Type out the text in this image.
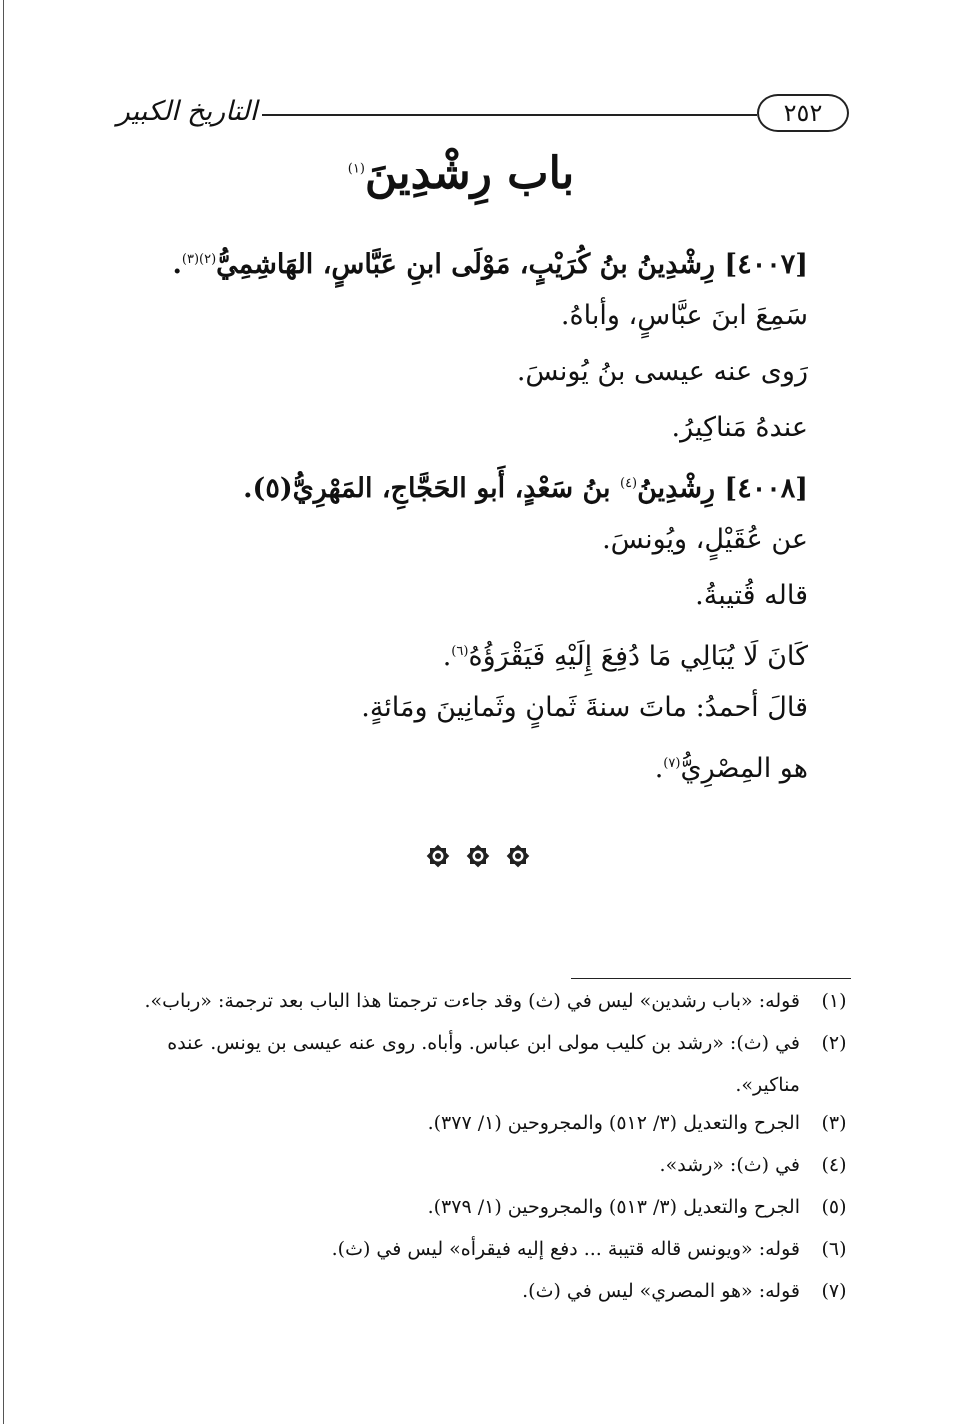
التاريخ الكبير	٢٥٢
باب رِشْدِينَ$^{(١)}$
[٤٠٠٧] رِشْدِينُ بنُ كُرَيْبٍ، مَوْلَى ابنِ عَبَّاسٍ، الهَاشِمِيُّ$^{(٢)(٣)}$.
سَمِعَ ابنَ عبَّاسٍ، وأباهُ.
رَوى عنه عيسى بنُ يُونسَ.
عندهُ مَناكِيرُ.
[٤٠٠٨] رِشْدِينُ$^{(٤)}$ بنُ سَعْدٍ، أَبو الحَجَّاجِ، المَهْرِيُّ(٥).
عن عُقَيْلٍ، ويُونسَ.
قاله قُتيبةُ.
كَانَ لَا يُبَالِي مَا دُفِعَ إِلَيْهِ فَيَقْرَؤُهُ$^{(٦)}$.
قالَ أحمدُ: ماتَ سنةَ ثَمانٍ وثَمانِينَ ومَائةٍ.
هو المِصْرِيُّ$^{(٧)}$.
(١)
قوله: «باب رشدين» ليس في (ث) وقد جاءت ترجمتا هذا الباب بعد ترجمة: «رباب».
(٢)
في (ث): «رشد بن كليب مولى ابن عباس. وأباه. روى عنه عيسى بن يونس. عنده مناكير».
(٣)
الجرح والتعديل (٣/ ٥١٢) والمجروحين (١/ ٣٧٧).
(٤)
في (ث): «رشد».
(٥)
الجرح والتعديل (٣/ ٥١٣) والمجروحين (١/ ٣٧٩).
(٦)
قوله: «ويونس قاله قتيبة ... دفع إليه فيقرأه» ليس في (ث).
(٧)
قوله: «هو المصري» ليس في (ث).
